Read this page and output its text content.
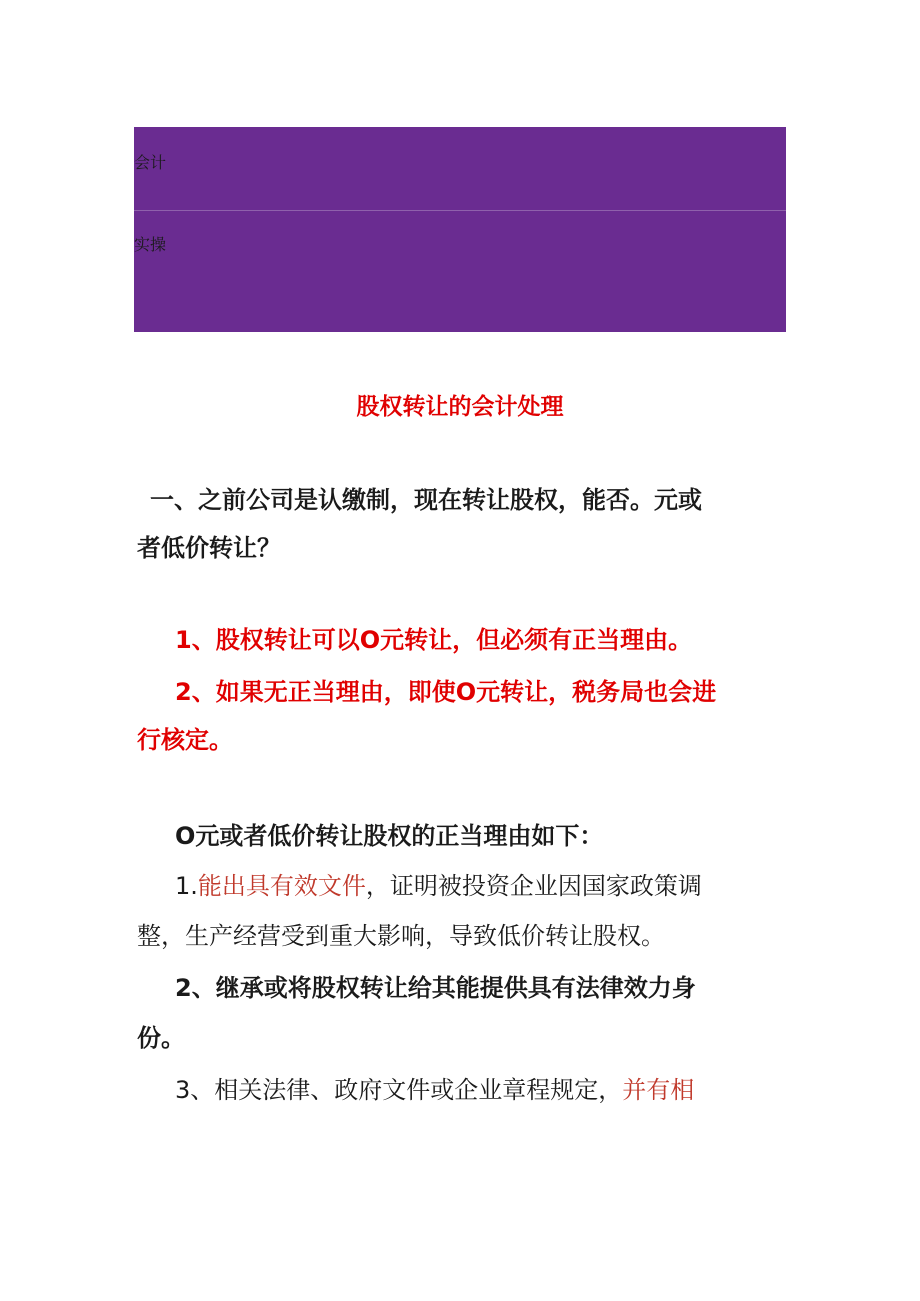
会计
实操
股权转让的会计处理
一、之前公司是认缴制，现在转让股权，能否。元或
者低价转让？
1、股权转让可以O元转让，但必须有正当理由。
2、如果无正当理由，即使O元转让，税务局也会进
行核定。
O元或者低价转让股权的正当理由如下：
1.能出具有效文件，证明被投资企业因国家政策调
整，生产经营受到重大影响，导致低价转让股权。
2、继承或将股权转让给其能提供具有法律效力身
份。
3、相关法律、政府文件或企业章程规定，并有相
